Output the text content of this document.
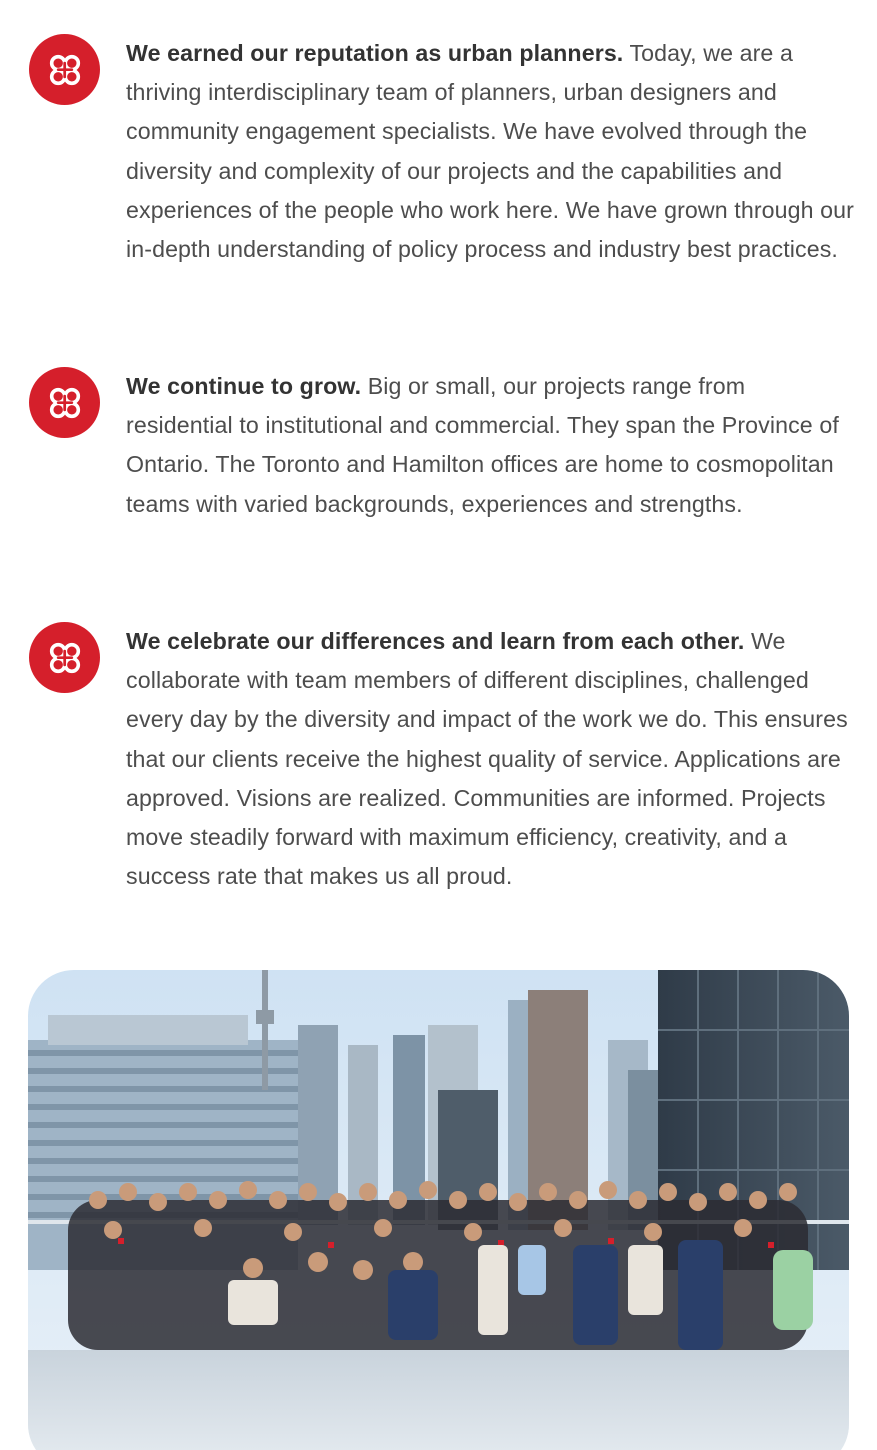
We earned our reputation as urban planners. Today, we are a thriving interdisciplinary team of planners, urban designers and community engagement specialists. We have evolved through the diversity and complexity of our projects and the capabilities and experiences of the people who work here. We have grown through our in-depth understanding of policy process and industry best practices.

We continue to grow. Big or small, our projects range from residential to institutional and commercial. They span the Province of Ontario. The Toronto and Hamilton offices are home to cosmopolitan teams with varied backgrounds, experiences and strengths.

We celebrate our differences and learn from each other. We collaborate with team members of different disciplines, challenged every day by the diversity and impact of the work we do. This ensures that our clients receive the highest quality of service. Applications are approved. Visions are realized. Communities are informed. Projects move steadily forward with maximum efficiency, creativity, and a success rate that makes us all proud.
